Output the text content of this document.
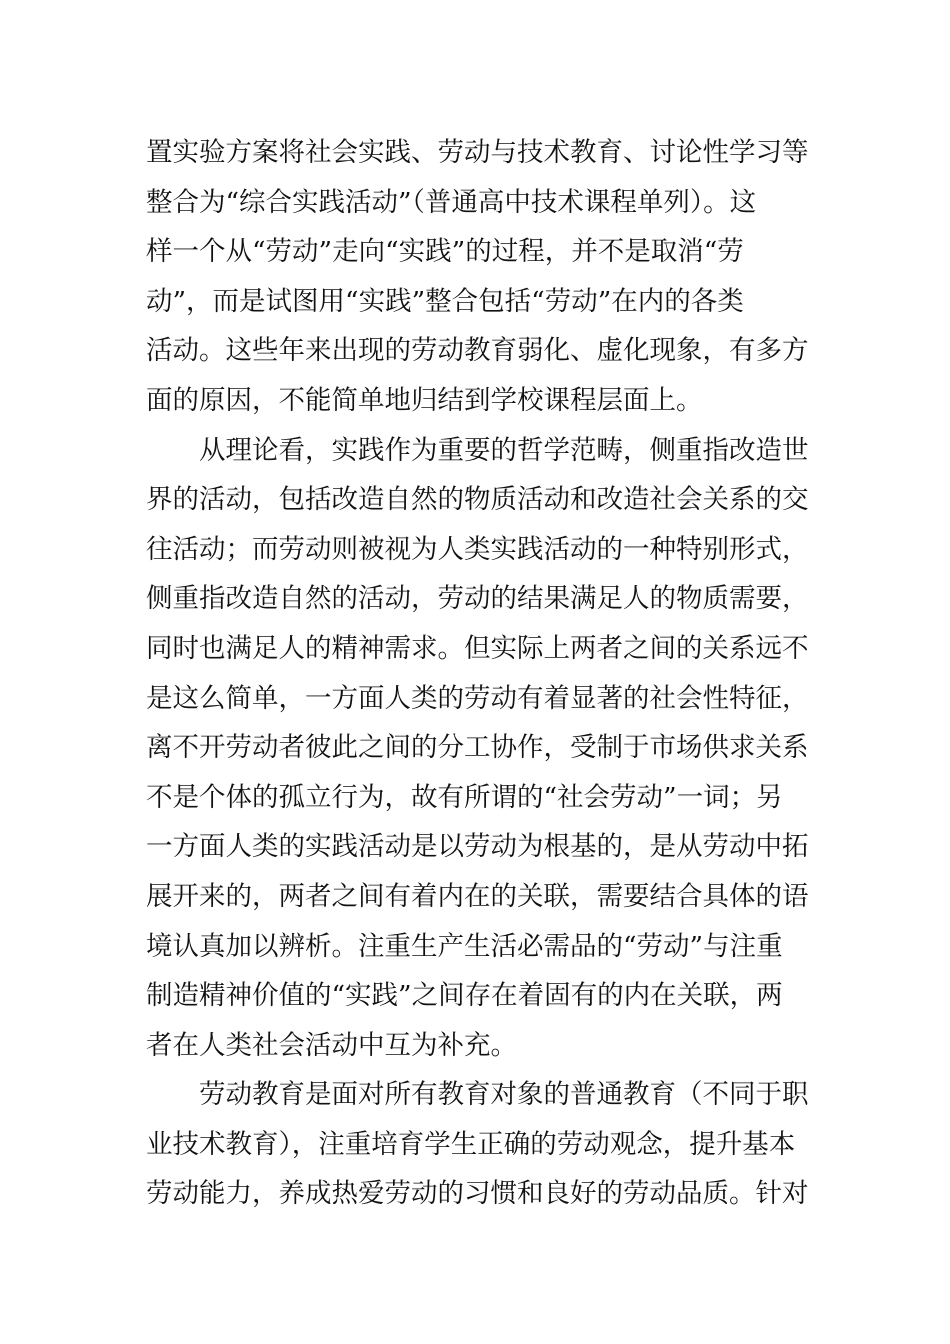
置实验方案将社会实践、劳动与技术教育、讨论性学习等
整合为“综合实践活动”（普通高中技术课程单列）。这
样一个从“劳动”走向“实践”的过程，并不是取消“劳
动”，而是试图用“实践”整合包括“劳动”在内的各类
活动。这些年来出现的劳动教育弱化、虚化现象，有多方
面的原因，不能简单地归结到学校课程层面上。
从理论看，实践作为重要的哲学范畴，侧重指改造世
界的活动，包括改造自然的物质活动和改造社会关系的交
往活动；而劳动则被视为人类实践活动的一种特别形式，
侧重指改造自然的活动，劳动的结果满足人的物质需要，
同时也满足人的精神需求。但实际上两者之间的关系远不
是这么简单，一方面人类的劳动有着显著的社会性特征，
离不开劳动者彼此之间的分工协作，受制于市场供求关系
不是个体的孤立行为，故有所谓的“社会劳动”一词；另
一方面人类的实践活动是以劳动为根基的，是从劳动中拓
展开来的，两者之间有着内在的关联，需要结合具体的语
境认真加以辨析。注重生产生活必需品的“劳动”与注重
制造精神价值的“实践”之间存在着固有的内在关联，两
者在人类社会活动中互为补充。
劳动教育是面对所有教育对象的普通教育（不同于职
业技术教育），注重培育学生正确的劳动观念，提升基本
劳动能力，养成热爱劳动的习惯和良好的劳动品质。针对
